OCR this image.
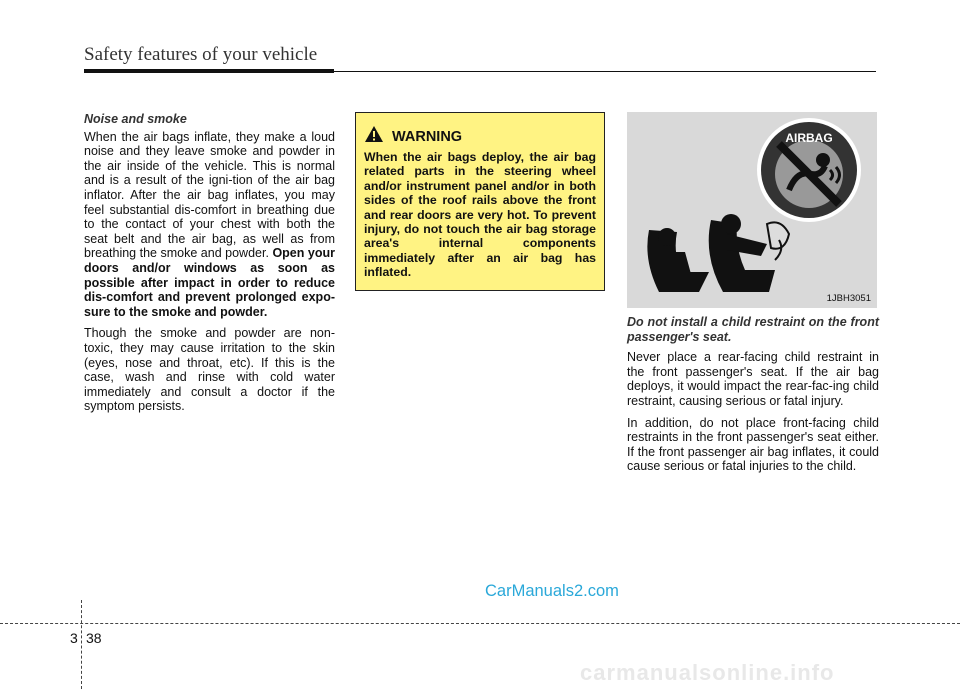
Safety features of your vehicle

Noise and smoke

When the air bags inflate, they make a loud noise and they leave smoke and powder in the air inside of the vehicle. This is normal and is a result of the igni-tion of the air bag inflator. After the air bag inflates, you may feel substantial dis-comfort in breathing due to the contact of your chest with both the seat belt and the air bag, as well as from breathing the smoke and powder. Open your doors and/or windows as soon as possible after impact in order to reduce dis-comfort and prevent prolonged expo-sure to the smoke and powder.

Though the smoke and powder are non-toxic, they may cause irritation to the skin (eyes, nose and throat, etc). If this is the case, wash and rinse with cold water immediately and consult a doctor if the symptom persists.

WARNING
When the air bags deploy, the air bag related parts in the steering wheel and/or instrument panel and/or in both sides of the roof rails above the front and rear doors are very hot. To prevent injury, do not touch the air bag storage area's internal components immediately after an air bag has inflated.
AIRBAG
1JBH3051

Do not install a child restraint on the front passenger's seat.

Never place a rear-facing child restraint in the front passenger's seat. If the air bag deploys, it would impact the rear-fac-ing child restraint, causing serious or fatal injury.

In addition, do not place front-facing child restraints in the front passenger's seat either. If the front passenger air bag inflates, it could cause serious or fatal injuries to the child.

CarManuals2.com
3 38
carmanualsonline.info
